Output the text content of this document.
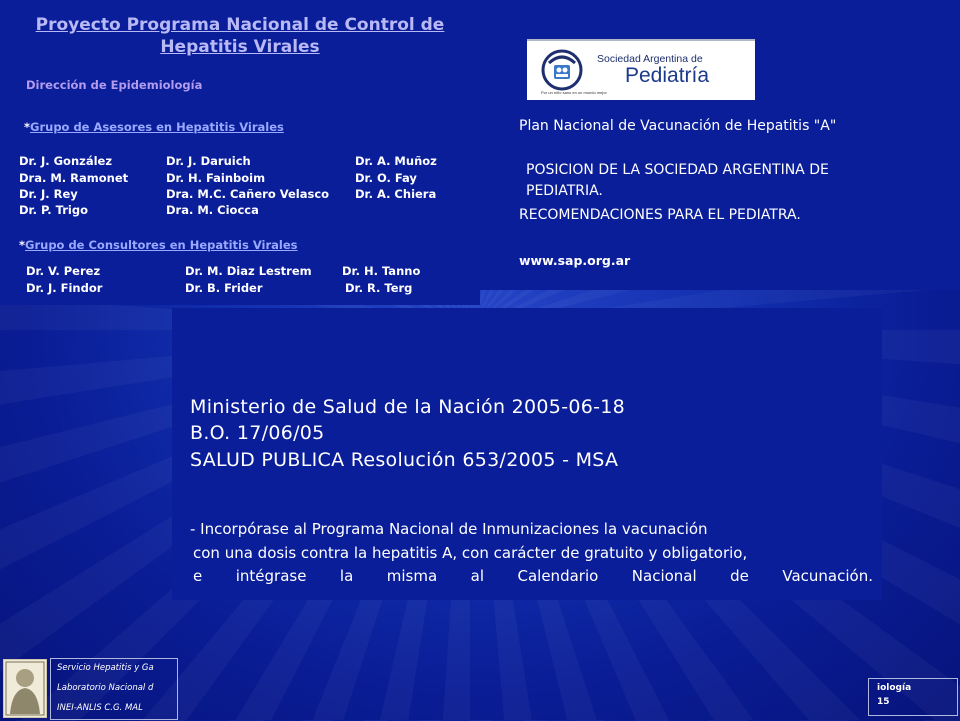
Proyecto Programa Nacional de Control de
Hepatitis Virales
Dirección de Epidemiología
*Grupo de Asesores en Hepatitis Virales
Dr. J. González
Dra. M. Ramonet
Dr. J. Rey
Dr. P. Trigo
Dr. J. Daruich
Dr. H. Fainboim
Dra. M.C. Cañero Velasco
Dra. M. Ciocca
Dr. A. Muñoz
Dr. O. Fay
Dr. A. Chiera
*Grupo de Consultores en Hepatitis Virales
Dr. V. Perez
Dr. J. Findor
Dr. M. Diaz Lestrem
Dr. B. Frider
Dr. H. Tanno
Dr. R. Terg
Sociedad Argentina de
Pediatría
Por un niño sano en un mundo mejor
Plan Nacional de Vacunación de Hepatitis "A"
POSICION DE LA SOCIEDAD ARGENTINA DE
PEDIATRIA.
RECOMENDACIONES PARA EL PEDIATRA.
www.sap.org.ar
Ministerio de Salud de la Nación 2005-06-18
B.O. 17/06/05
SALUD PUBLICA Resolución 653/2005 - MSA
- Incorpórase al Programa Nacional de Inmunizaciones la vacunación
con una dosis contra la hepatitis A, con carácter de gratuito y obligatorio,
e intégrase la misma al Calendario Nacional de Vacunación.
Servicio Hepatitis y Ga
Laboratorio Nacional d
INEI-ANLIS C.G. MAL
iología
15
